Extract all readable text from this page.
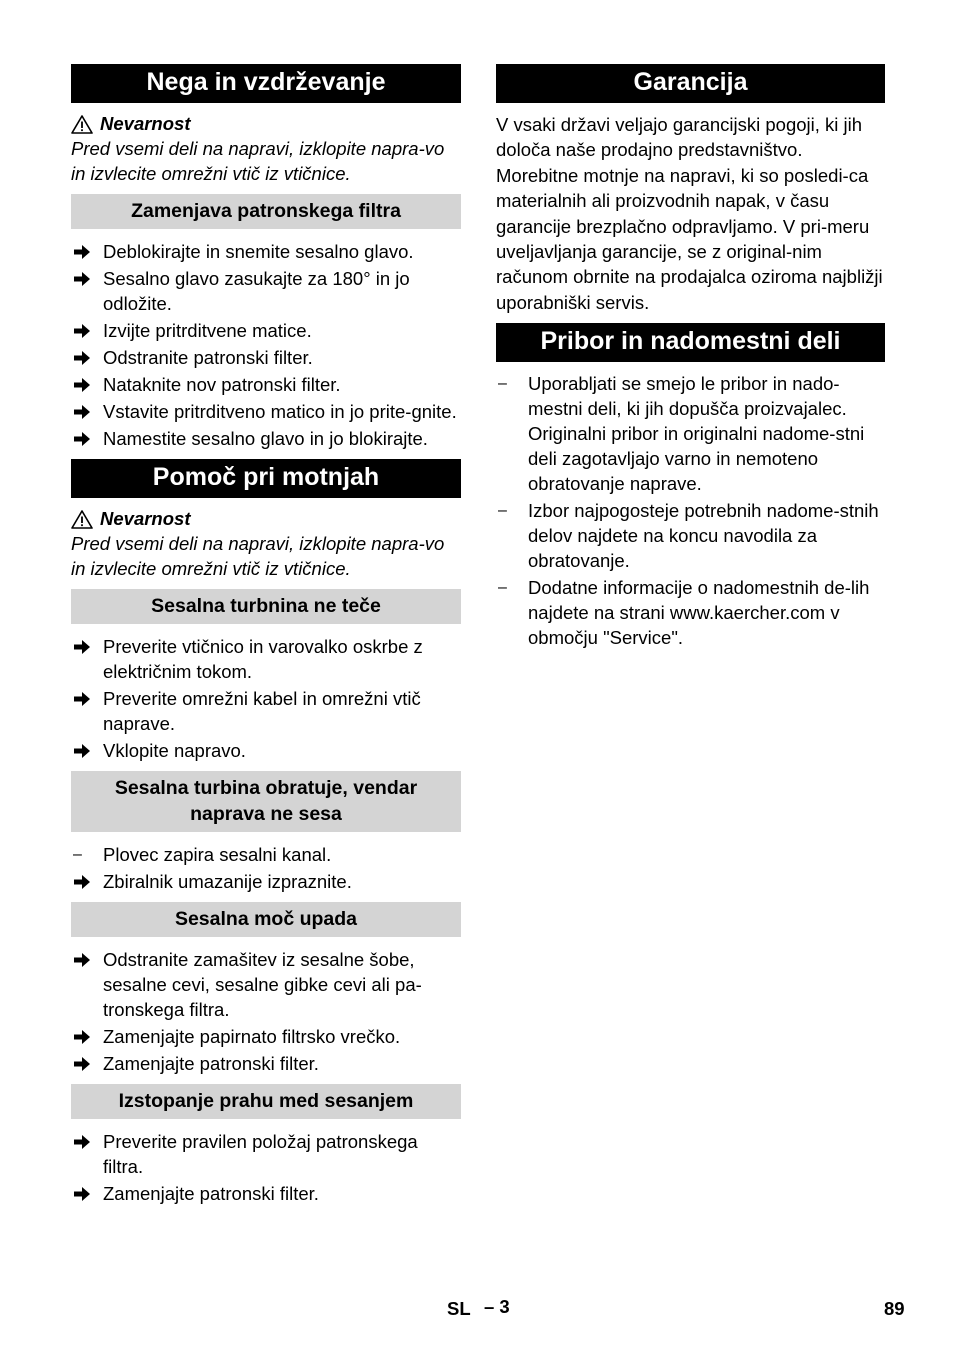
Nega in vzdrževanje
Nevarnost
Pred vsemi deli na napravi, izklopite napra-vo in izvlecite omrežni vtič iz vtičnice.
Zamenjava patronskega filtra
Deblokirajte in snemite sesalno glavo.
Sesalno glavo zasukajte za 180° in jo odložite.
Izvijte pritrditvene matice.
Odstranite patronski filter.
Nataknite nov patronski filter.
Vstavite pritrditveno matico in jo prite-gnite.
Namestite sesalno glavo in jo blokirajte.
Pomoč pri motnjah
Nevarnost
Pred vsemi deli na napravi, izklopite napra-vo in izvlecite omrežni vtič iz vtičnice.
Sesalna turbnina ne teče
Preverite vtičnico in varovalko oskrbe z električnim tokom.
Preverite omrežni kabel in omrežni vtič naprave.
Vklopite napravo.
Sesalna turbina obratuje, vendar naprava ne sesa
–	Plovec zapira sesalni kanal.
Zbiralnik umazanije izpraznite.
Sesalna moč upada
Odstranite zamašitev iz sesalne šobe, sesalne cevi, sesalne gibke cevi ali pa-tronskega filtra.
Zamenjajte papirnato filtrsko vrečko.
Zamenjajte patronski filter.
Izstopanje prahu med sesanjem
Preverite pravilen položaj patronskega filtra.
Zamenjajte patronski filter.
Garancija
V vsaki državi veljajo garancijski pogoji, ki jih določa naše prodajno predstavništvo. Morebitne motnje na napravi, ki so posledi-ca materialnih ali proizvodnih napak, v času garancije brezplačno odpravljamo. V pri-meru uveljavljanja garancije, se z original-nim računom obrnite na prodajalca oziroma najbližji uporabniški servis.
Pribor in nadomestni deli
–	Uporabljati se smejo le pribor in nado-mestni deli, ki jih dopušča proizvajalec. Originalni pribor in originalni nadome-stni deli zagotavljajo varno in nemoteno obratovanje naprave.
–	Izbor najpogosteje potrebnih nadome-stnih delov najdete na koncu navodila za obratovanje.
–	Dodatne informacije o nadomestnih de-lih najdete na strani www.kaercher.com v območju "Service".
SL – 3	89
